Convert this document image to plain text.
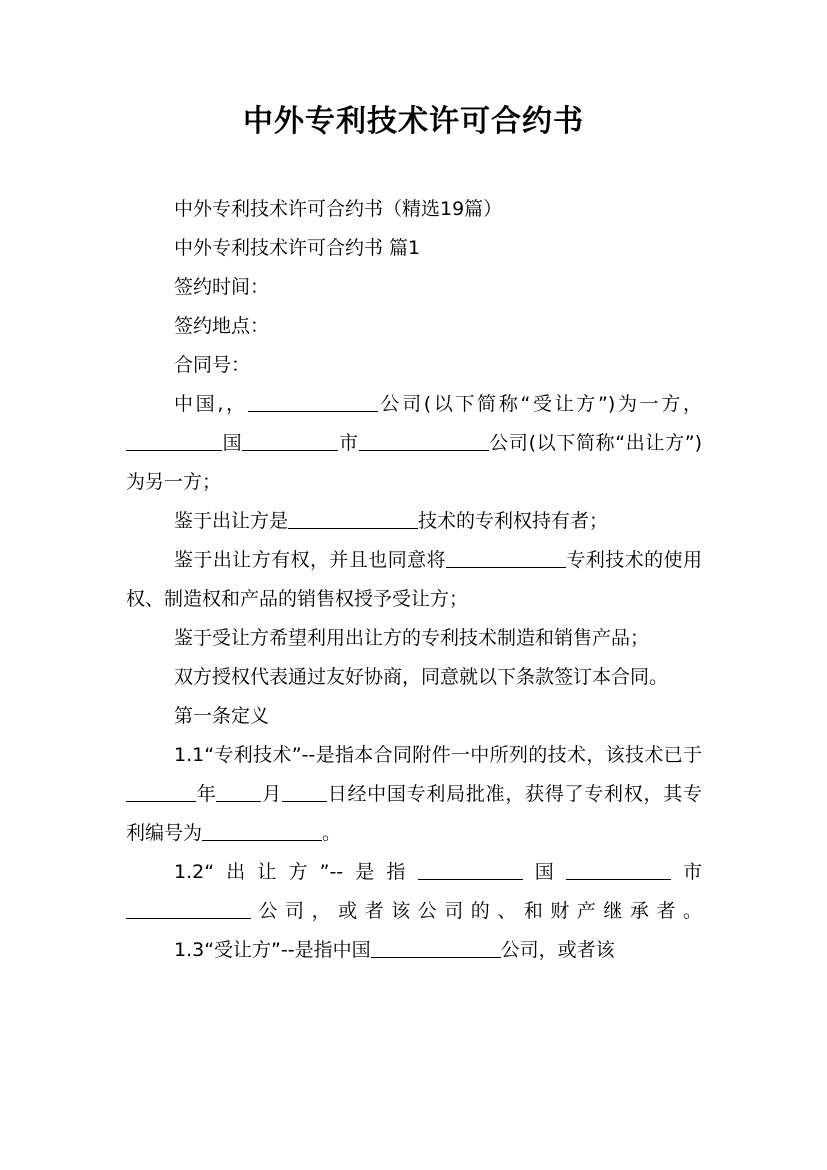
中外专利技术许可合约书

中外专利技术许可合约书（精选19篇）

中外专利技术许可合约书 篇1

签约时间：

签约地点：

合同号：

中国,，	公司(以下简称“受让方”)为一方，国	市	公司(以下简称“出让方”)为另一方；

鉴于出让方是	技术的专利权持有者；

鉴于出让方有权，并且也同意将	专利技术的使用权、制造权和产品的销售权授予受让方；

鉴于受让方希望利用出让方的专利技术制造和销售产品；

双方授权代表通过友好协商，同意就以下条款签订本合同。

第一条定义

1.1“专利技术”--是指本合同附件一中所列的技术，该技术已于年 月 日经中国专利局批准，获得了专利权，其专利编号为	。

1.2“出让方”--是指	国	市公司，或者该公司的、和财产继承者。

1.3“受让方”--是指中国	公司，或者该
